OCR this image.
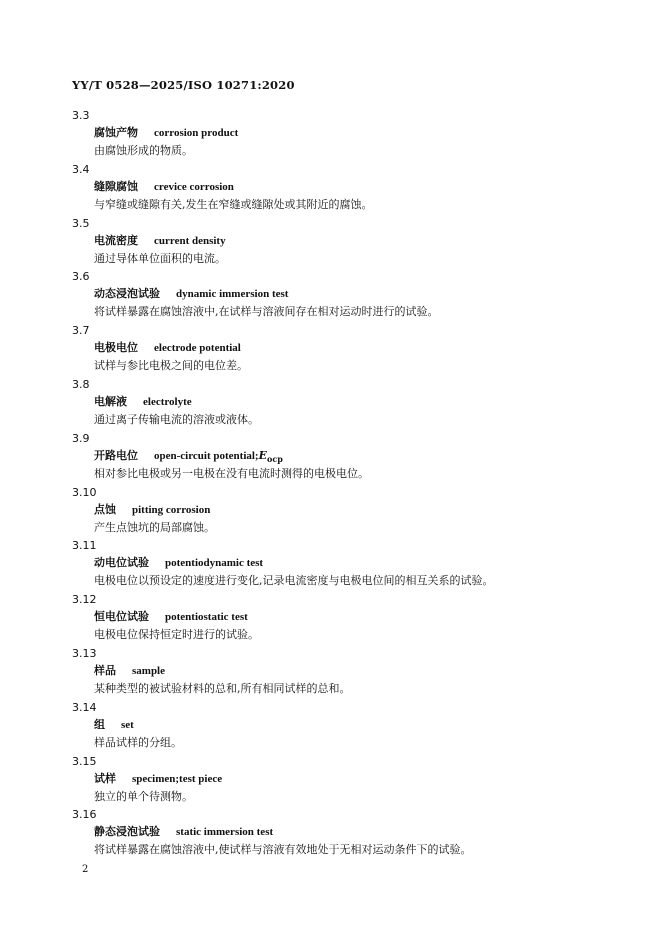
YY/T 0528—2025/ISO 10271:2020
3.3
腐蚀产物 corrosion product
由腐蚀形成的物质。
3.4
缝隙腐蚀 crevice corrosion
与窄缝或缝隙有关,发生在窄缝或缝隙处或其附近的腐蚀。
3.5
电流密度 current density
通过导体单位面积的电流。
3.6
动态浸泡试验 dynamic immersion test
将试样暴露在腐蚀溶液中,在试样与溶液间存在相对运动时进行的试验。
3.7
电极电位 electrode potential
试样与参比电极之间的电位差。
3.8
电解液 electrolyte
通过离子传输电流的溶液或液体。
3.9
开路电位 open-circuit $potential;E_{ocp}$
相对参比电极或另一电极在没有电流时测得的电极电位。
3.10
点蚀 pitting corrosion
产生点蚀坑的局部腐蚀。
3.11
动电位试验 potentiodynamic test
电极电位以预设定的速度进行变化,记录电流密度与电极电位间的相互关系的试验。
3.12
恒电位试验 potentiostatic test
电极电位保持恒定时进行的试验。
3.13
样品 sample
某种类型的被试验材料的总和,所有相同试样的总和。
3.14
组 set
样品试样的分组。
3.15
试样 specimen;test piece
独立的单个待测物。
3.16
静态浸泡试验 static immersion test
将试样暴露在腐蚀溶液中,使试样与溶液有效地处于无相对运动条件下的试验。
2
